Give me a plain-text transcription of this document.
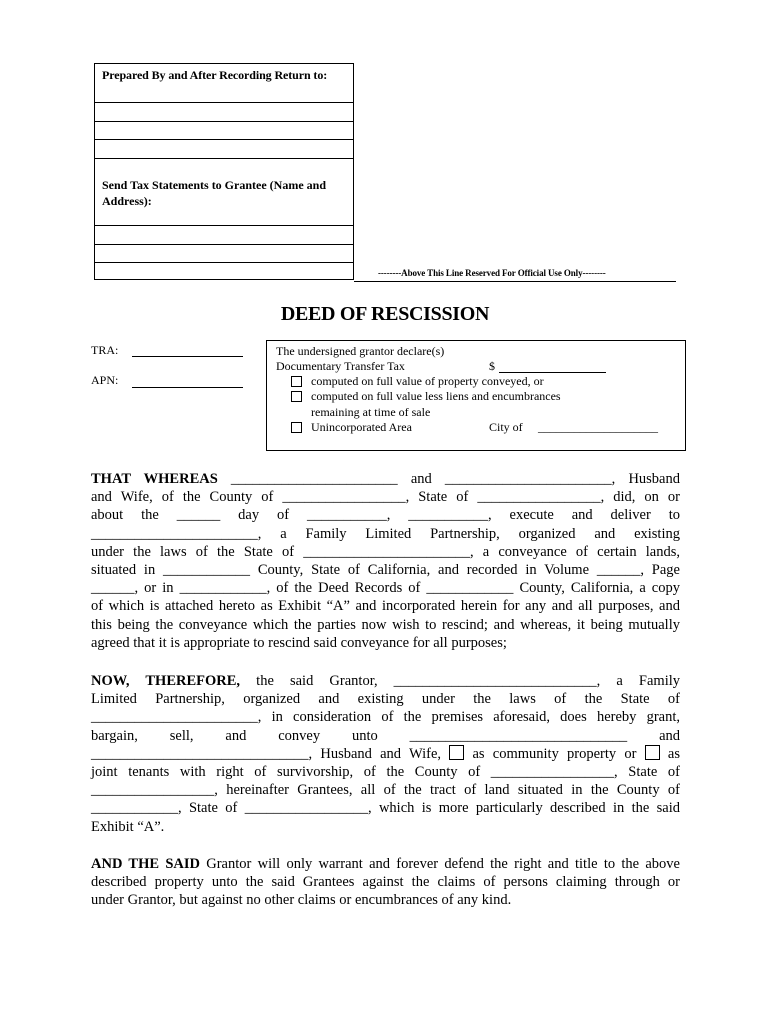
Prepared By and After Recording Return to:
Send Tax Statements to Grantee (Name and Address):
--------Above This Line Reserved For Official Use Only--------
DEED OF RESCISSION
TRA:
APN:
The undersigned grantor declare(s)
Documentary Transfer Tax	$
computed on full value of property conveyed, or
computed on full value less liens and encumbrances
remaining at time of sale
Unincorporated Area	City of ____________________
THAT WHEREAS _______________________ and _______________________, Husband
and Wife, of the County of _________________, State of _________________, did, on or
about the ______ day of ___________, ___________, execute and deliver to
_______________________, a Family Limited Partnership, organized and existing
under the laws of the State of _______________________, a conveyance of certain lands,
situated in ____________ County, State of California, and recorded in Volume ______, Page
______, or in ____________, of the Deed Records of ____________ County, California, a copy
of which is attached hereto as Exhibit “A” and incorporated herein for any and all purposes, and
this being the conveyance which the parties now wish to rescind; and whereas, it being mutually
agreed that it is appropriate to rescind said conveyance for all purposes;
NOW, THEREFORE, the said Grantor, ____________________________, a Family
Limited Partnership, organized and existing under the laws of the State of
_______________________, in consideration of the premises aforesaid, does hereby grant,
bargain, sell, and convey unto ______________________________ and
______________________________, Husband and Wife, as community property or as
joint tenants with right of survivorship, of the County of _________________, State of
_________________, hereinafter Grantees, all of the tract of land situated in the County of
____________, State of _________________, which is more particularly described in the said
Exhibit “A”.
AND THE SAID Grantor will only warrant and forever defend the right and title to the above
described property unto the said Grantees against the claims of persons claiming through or
under Grantor, but against no other claims or encumbrances of any kind.
